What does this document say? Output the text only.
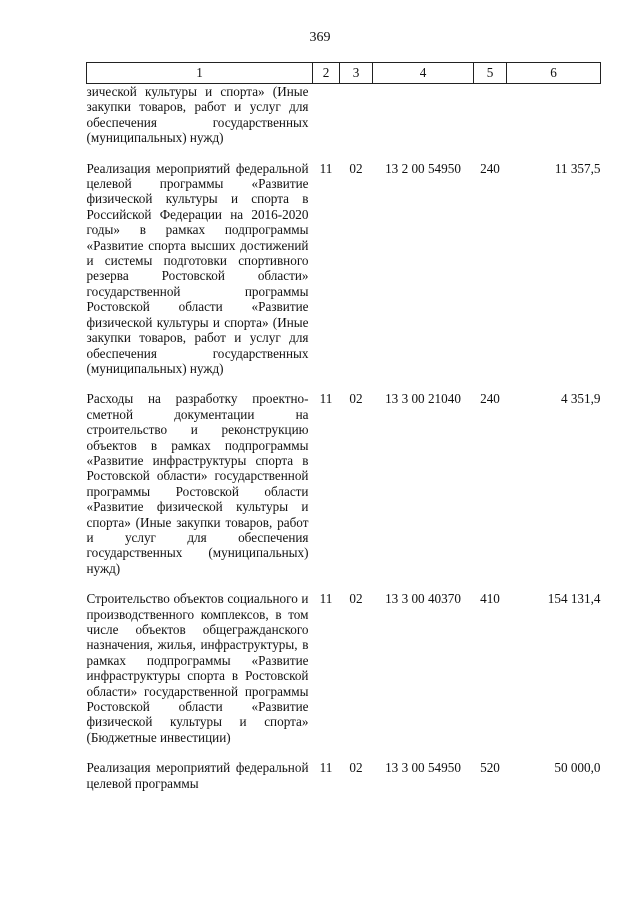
369
1	2	3	4	5	6
зической культуры и спорта» (Иные закупки товаров, работ и услуг для обеспечения государственных (муниципальных) нужд)					

Реализация мероприятий федеральной целевой программы «Развитие физической культуры и спорта в Российской Федерации на 2016-2020 годы» в рамках подпрограммы «Развитие спорта высших достижений и системы подготовки спортивного резерва Ростовской области» государственной программы Ростовской области «Развитие физической культуры и спорта» (Иные закупки товаров, работ и услуг для обеспечения государственных (муниципальных) нужд)	11	02	13 2 00 54950	240	11 357,5

Расходы на разработку проектно-сметной документации на строительство и реконструкцию объектов в рамках подпрограммы «Развитие инфраструктуры спорта в Ростовской области» государственной программы Ростовской области «Развитие физической культуры и спорта» (Иные закупки товаров, работ и услуг для обеспечения государственных (муниципальных) нужд)	11	02	13 3 00 21040	240	4 351,9

Строительство объектов социального и производственного комплексов, в том числе объектов общегражданского назначения, жилья, инфраструктуры, в рамках подпрограммы «Развитие инфраструктуры спорта в Ростовской области» государственной программы Ростовской области «Развитие физической культуры и спорта» (Бюджетные инвестиции)	11	02	13 3 00 40370	410	154 131,4

Реализация мероприятий федеральной целевой программы	11	02	13 3 00 54950	520	50 000,0
